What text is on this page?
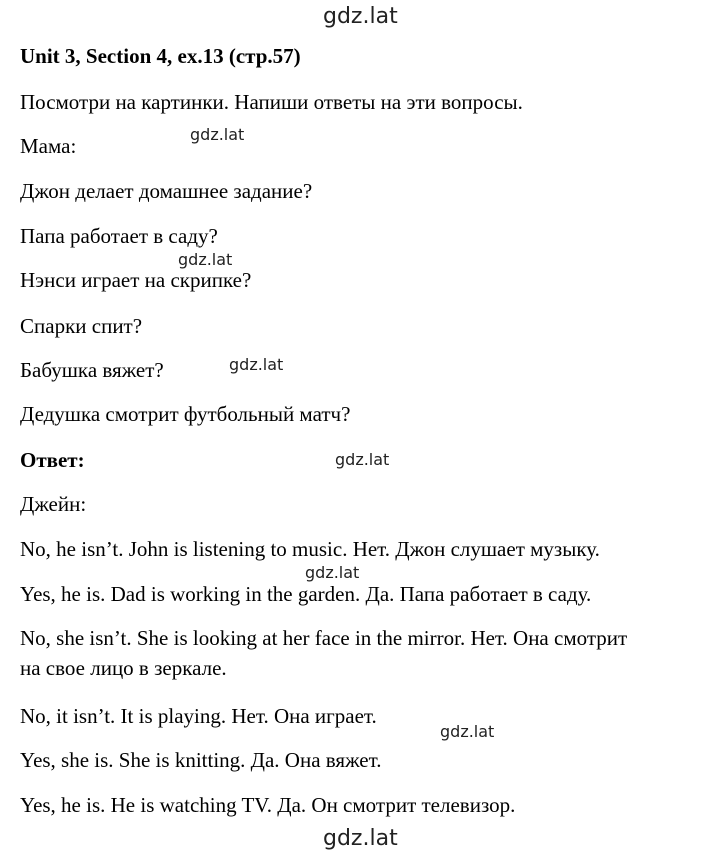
gdz.lat
gdz.lat
gdz.lat
gdz.lat
gdz.lat
gdz.lat
gdz.lat
gdz.lat
Unit 3, Section 4, ex.13 (стр.57)
Посмотри на картинки. Напиши ответы на эти вопросы.
Мама:
Джон делает домашнее задание?
Папа работает в саду?
Нэнси играет на скрипке?
Спарки спит?
Бабушка вяжет?
Дедушка смотрит футбольный матч?
Ответ:
Джейн:
No, he isn’t. John is listening to music. Нет. Джон слушает музыку.
Yes, he is. Dad is working in the garden. Да. Папа работает в саду.
No, she isn’t. She is looking at her face in the mirror. Нет. Она смотрит
на свое лицо в зеркале.
No, it isn’t. It is playing. Нет. Она играет.
Yes, she is. She is knitting. Да. Она вяжет.
Yes, he is. He is watching TV. Да. Он смотрит телевизор.
